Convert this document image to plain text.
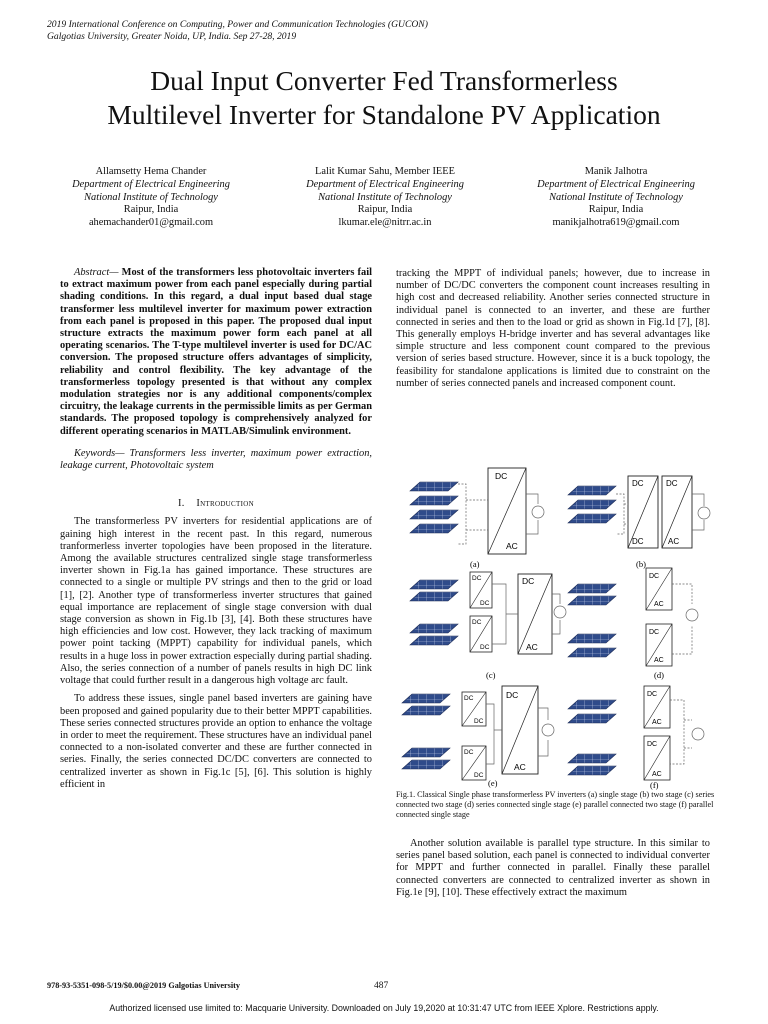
2019 International Conference on Computing, Power and Communication Technologies (GUCON)
Galgotias University, Greater Noida, UP, India. Sep 27-28, 2019
Dual Input Converter Fed Transformerless
Multilevel Inverter for Standalone PV Application
Allamsetty Hema Chander
Department of Electrical Engineering
National Institute of Technology
Raipur, India
ahemachander01@gmail.com
Lalit Kumar Sahu, Member IEEE
Department of Electrical Engineering
National Institute of Technology
Raipur, India
lkumar.ele@nitrr.ac.in
Manik Jalhotra
Department of Electrical Engineering
National Institute of Technology
Raipur, India
manikjalhotra619@gmail.com

Abstract— Most of the transformers less photovoltaic inverters fail to extract maximum power from each panel especially during partial shading conditions. In this regard, a dual input based dual stage transformer less multilevel inverter for maximum power extraction from each panel is proposed in this paper. The proposed dual input structure extracts the maximum power form each panel at all operating scenarios. The T-type multilevel inverter is used for DC/AC conversion. The proposed structure offers advantages of simplicity, reliability and control flexibility. The key advantage of the transformerless topology presented is that without any complex modulation strategies nor is any additional components/complex circuitry, the leakage currents in the permissible limits as per German standards. The proposed topology is comprehensively analyzed for different operating scenarios in MATLAB/Simulink environment.

Keywords— Transformers less inverter, maximum power extraction, leakage current, Photovoltaic system

I. Introduction

The transformerless PV inverters for residential applications are of gaining high interest in the recent past. In this regard, numerous tranformerless inverter topologies have been proposed in the literature. Among the available structures centralized single stage transformerless inverter shown in Fig.1a has gained importance. These structures are connected to a single or multiple PV strings and then to the grid or load [1], [2]. Another type of transformerless inverter structures that gained equal importance are replacement of single stage conversion with dual stage conversion as shown in Fig.1b [3], [4]. Both these structures have high efficiencies and low cost. However, they lack tracking of maximum power point tacking (MPPT) capability for individual panels, which results in a huge loss in power extraction especially during partial shading. Also, the series connection of a number of panels results in high DC link voltage that could further result in a dangerous high voltage arc fault.

To address these issues, single panel based inverters are gaining have been proposed and gained popularity due to their better MPPT capabilities. These series connected structures provide an option to enhance the voltage in order to meet the requirement. These structures have an individual panel connected to a non-isolated converter and these are further connected in series. Finally, the series connected DC/DC converters are connected to centralized inverter as shown in Fig.1c [5], [6]. This solution is highly efficient in

tracking the MPPT of individual panels; however, due to increase in number of DC/DC converters the component count increases resulting in high cost and decreased reliability. Another series connected structure in individual panel is connected to an inverter, and these are further connected in series and then to the load or grid as shown in Fig.1d [7], [8]. This generally employs H-bridge inverter and has several advantages like simple structure and less component count compared to the previous version of series based structure. However, since it is a buck topology, the feasibility for standalone applications is limited due to constraint on the number of series connected panels and increased component count.

Another solution available is parallel type structure. In this similar to series panel based solution, each panel is connected to individual converter for MPPT and further connected in parallel. Finally these parallel connected converters are connected to centralized inverter as shown in Fig.1e [9], [10]. These effectively extract the maximum

DC
AC
(a)
DC
DC
DC
AC
(b)
DC
DC
DC
DC
DC
AC
(c)
DC
AC
DC
AC
(d)
DC
DC
DC
DC
DC
AC
(e)
DC
AC
DC
AC
(f)
Fig.1. Classical Single phase transformerless PV inverters (a) single stage (b) two stage (c) series connected two stage (d) series connected single stage (e) parallel connected two stage (f) parallel connected single stage
978-93-5351-098-5/19/$0.00@2019 Galgotias University	487
Authorized licensed use limited to: Macquarie University. Downloaded on July 19,2020 at 10:31:47 UTC from IEEE Xplore. Restrictions apply.
